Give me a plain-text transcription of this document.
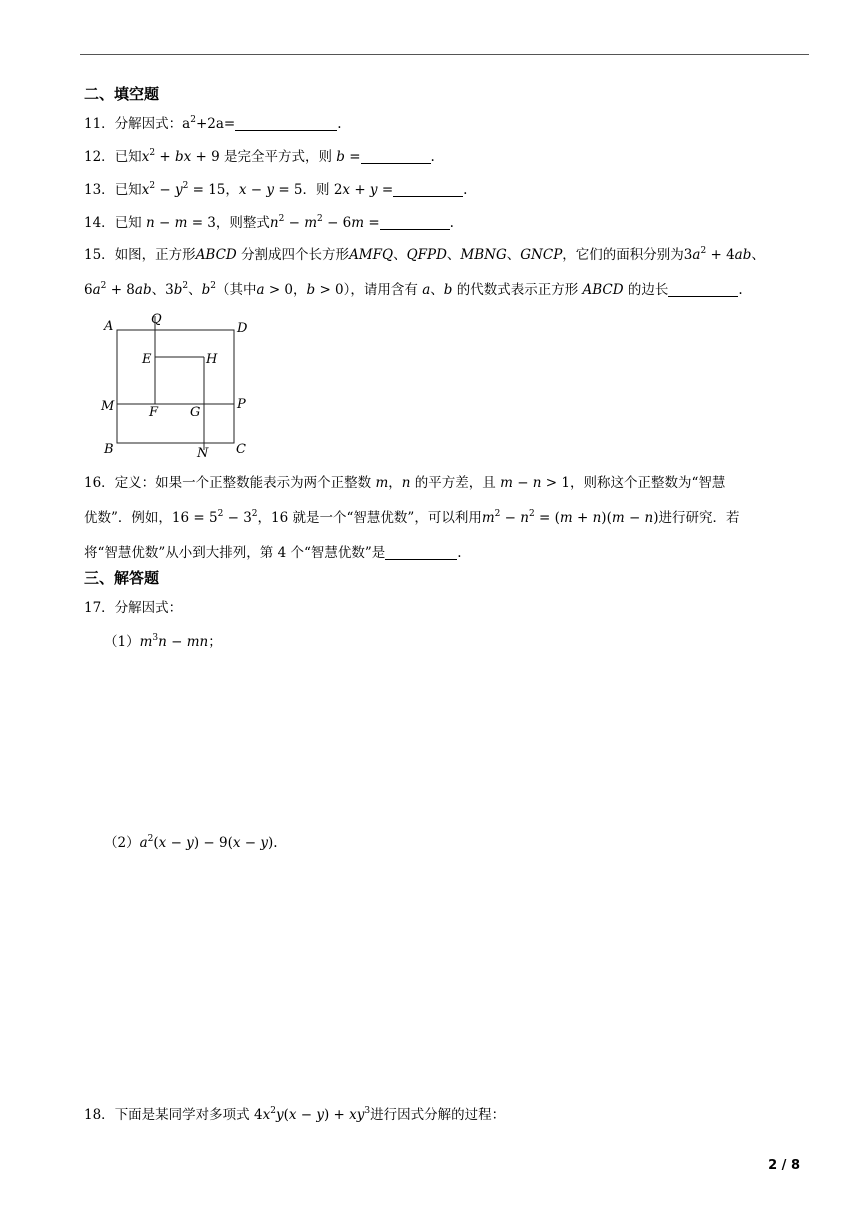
二、填空题
11．分解因式：$a^2+2a=$	.
12．已知$x^2$ + bx + 9 是完全平方式，则 b =	.
13．已知$x^2 - y^2 = 15$，x − y = 5．则 2x + y =	.
14．已知 n − m = 3，则整式$n^2 - m^2 - 6m$ =	.
15．如图，正方形ABCD 分割成四个长方形AMFQ、QFPD、MBNG、GNCP，它们的面积分别为$3a^2 + 4ab$、
$6a^2 + 8ab$、$3b^2$、$b^2$（其中a > 0，b > 0），请用含有 a、b 的代数式表示正方形 ABCD 的边长	.
A	Q
D
E	H
M	F G
P
B	N C
16．定义：如果一个正整数能表示为两个正整数 m，n 的平方差，且 m − n > 1，则称这个正整数为“智慧
优数”．例如，$16 = 5^2 - 3^2$，16 就是一个“智慧优数”，可以利用$m^2 - n^2 = (m + n)(m - n)$进行研究．若
将“智慧优数”从小到大排列，第 4 个“智慧优数”是	.
三、解答题
17．分解因式：
$(1)m^3n$ − mn；
$(2)a^2(x - y) - 9(x - y)$.
18．下面是某同学对多项式 $4x^2y(x - y) + xy^3$进行因式分解的过程：
2 / 8
